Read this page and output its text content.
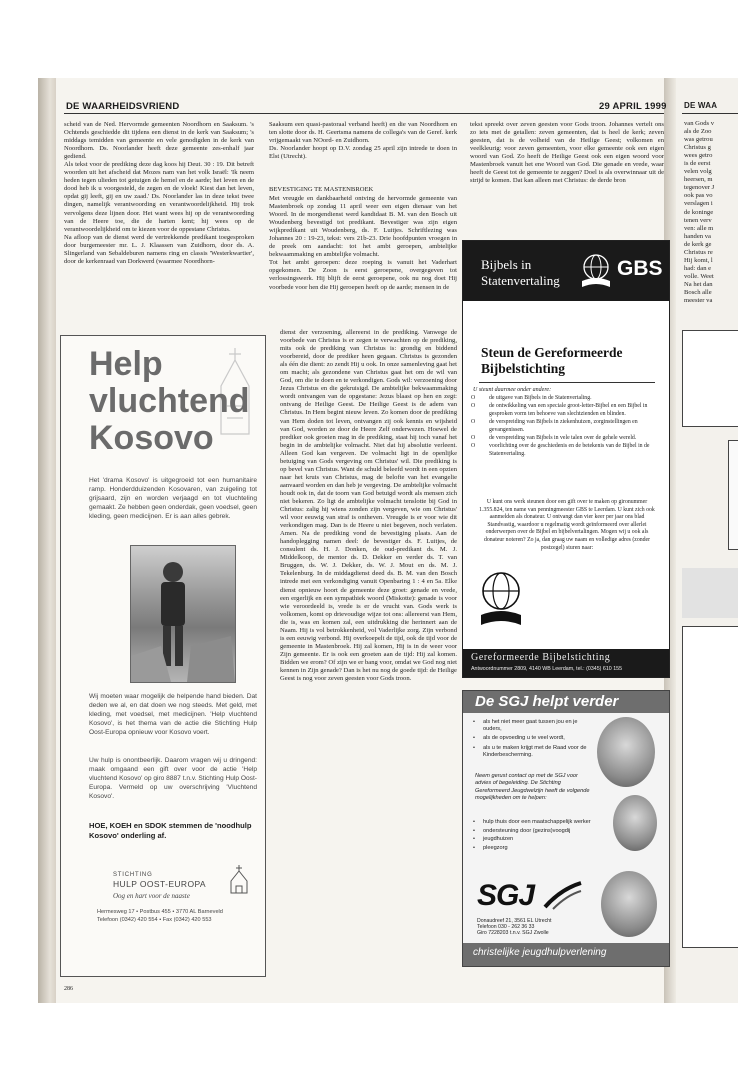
DE WAARHEIDSVRIEND	29 APRIL 1999

scheid van de Ned. Hervormde gemeenten Noordhorn en Saaksum. 's Ochtends geschiedde dit tijdens een dienst in de kerk van Saaksum; 's middags temidden van gemeente en vele genodigden in de kerk van Noordhorn. Ds. Noorlander heeft deze gemeente zes-enhalf jaar gediend.

Als tekst voor de prediking deze dag koos hij Deut. 30 : 19. Dit betreft woorden uit het afscheid dat Mozes nam van het volk Israël: 'Ik neem heden tegen ulieden tot getuigen de hemel en de aarde; het leven en de dood heb ik u voorgesteld, de zegen en de vloek! Kiest dan het leven, opdat gij leeft, gij en uw zaad.' Ds. Noorlander las in deze tekst twee dingen, namelijk verantwoording en verantwoordelijkheid. Hij trok vervolgens deze lijnen door. Het want wees hij op de verantwoording van de Heere toe, die de harten kent; hij wees op de verantwoordelijkheid om te kiezen voor de oppestane Christus.

Na afloop van de dienst werd de vertrekkende predikant toegesproken door burgemeester mr. L. J. Klaassen van Zuidhorn, door ds. A. Slingerland van Sebaldeburen namens ring en classis 'Westerkwartier', door de kerkenraad van Dorkwerd (waarmee Noordhorn-

Saaksum een quasi-pastoraal verband heeft) en die van Noordhorn en ten slotte door ds. H. Geertsma namens de collega's van de Geref. kerk vrijgemaakt van NOord- en Zuidhorn.

Ds. Noorlander hoopt op D.V. zondag 25 april zijn intrede te doen in Elst (Utrecht).

BEVESTIGING TE MASTENBROEK

Met vreugde en dankbaarheid ontving de hervormde gemeente van Mastenbroek op zondag 11 april weer een eigen dienaar van het Woord. In de morgendienst werd kandidaat B. M. van den Bosch uit Woudenberg bevestigd tot predikant. Bevestiger was zijn eigen wijkpredikant uit Woudenberg, ds. F. Luitjes. Schriftlezing was Johannes 20 : 19-23, tekst: vers 21b-23. Drie hoofdpunten vroegen in de preek om aandacht: tot het ambt geroepen, ambtelijke bekwaammaking en ambtelijke volmacht.

Tot het ambt geroepen: deze roeping is vanuit het Vaderhart opgekomen. De Zoon is eerst geroepene, overgegeven tot verlossingswerk. Hij blijft de eerst geroepene, ook nu nog doet Hij voorbede voor hen die Hij geroepen heeft op de aarde; mensen in de

dienst der verzoening, allereerst in de prediking. Vanwege de voorbede van Christus is er zegen te verwachten op de prediking, mits ook de prediking van Christus is: grondig en biddend voorbereid, door de prediker heen gegaan. Christus is gezonden als één die dient: zo zendt Hij u ook. In onze samenleving gaat het om macht; als gezondene van Christus gaat het om de wil van God, om die te doen en te verkondigen. Gods wil: verzoening door Jezus Christus en die gekruisigd. De ambtelijke bekwaammaking wordt ontvangen van de opgestane: Jezus blaast op hen en zegt: ontvang de Heilige Geest. De Heilige Geest is de adem van Christus. In Hem begint nieuw leven. Zo komen door de prediking van Hem doden tot leven, ontvangen zij ook kennis en wijsheid van God, worden ze door de Heere Zelf onderwezen. Hoewel de prediker ook groeien mag in de prediking, staat hij toch vanaf het begin in de ambtelijke volmacht. Niet dat hij absolutie verleent. Alleen God kan vergeven. De volmacht ligt in de openlijke betuiging van Gods vergeving om Christus' wil. Die prediking is op bevel van Christus. Want de schuld beleefd wordt in een opzien naar het kruis van Christus, mag de belofte van het evangelie aanvaard worden en dan heb je vergeving. De ambtelijke volmacht houdt ook in, dat de toorn van God betuigd wordt als mensen zich niet bekeren. Zo ligt de ambtelijke volmacht tenslotte bij God in Christus: zalig hij wiens zonden zijn vergeven, wie om Christus' wil voor eeuwig van straf is ontheven. Vreugde is er voor wie dit verkondigen mag. Dan is de Heere u niet begeven, noch verlaten. Amen. Na de prediking vond de bevestiging plaats. Aan de handoplegging namen deel: de bevestiger ds. F. Luitjes, de consulent ds. H. J. Donken, de oud-predikant ds. M. J. Middelkoop, de mentor ds. D. Dekker en verder ds. T. van Bruggen, ds. W. J. Dekker, ds. W. J. Mout en ds. M. J. Tekelenburg. In de middagdienst deed ds. B. M. van den Bosch intrede met een verkondiging vanuit Openbaring 1 : 4 en 5a. Elke dienst opnieuw hoort de gemeente deze groet: genade en vrede, een ergerlijk en een sympathiek woord (Miskotte): genade is voor wie veroordeeld is, vrede is er de vrucht van. Gods werk is volkomen, komt op drievoudige wijze tot ons: allereerst van Hem, die is, was en komen zal, een uitdrukking die herinnert aan de Naam. Hij is vol betrokkenheid, vol Vaderlijke zorg. Zijn verbond is een eeuwig verbond. Hij overkoepelt de tijd, ook de tijd voor de gemeente in Mastenbroek. Hij zal komen, Hij is in de weer voor Zijn gemeente. Er is ook een groeten aan de tijd: Hij zal komen. Bidden we erom? Of zijn we er bang voor, omdat we God nog niet kennen in Zijn genade? Dan is het nu nog de goede tijd: de Heilige Geest is nog voor zeven geesten voor Gods troon.

tekst spreekt over zeven geesten voor Gods troon. Johannes vertelt ons zo iets met de getallen: zeven gemeenten, dat is heel de kerk; zeven geesten, dat is de volheid van de Heilige Geest; volkomen en veelkleurig: voor zeven gemeenten, voor elke gemeente ook een eigen woord van God. Zo heeft de Heilige Geest ook een eigen woord voor Mastenbroek vanuit het ene Woord van God. Die genade en vrede, waar heeft de Geest tot de gemeente te zeggen? Doel is als overwinnaar uit de strijd te komen. Dat kan alleen met Christus: de derde bron

Help
vluchtend
Kosovo
Het 'drama Kosovo' is uitgegroeid tot een humanitaire ramp. Honderdduizenden Kosovaren, van zuigeling tot grijsaard, zijn en worden verjaagd en tot vluchteling gemaakt. Ze hebben geen onderdak, geen voedsel, geen kleding, geen medicijnen. Er is aan alles gebrek.
Wij moeten waar mogelijk de helpende hand bieden. Dat deden we al, en dat doen we nog steeds. Met geld, met kleding, met voedsel, met medicijnen. 'Help vluchtend Kosovo', is het thema van de actie die Stichting Hulp Oost-Europa opnieuw voor Kosovo voert.
Uw hulp is onontbeerlijk. Daarom vragen wij u dringend: maak omgaand een gift over voor de actie 'Help vluchtend Kosovo' op giro 8887 t.n.v. Stichting Hulp Oost-Europa. Vermeld op uw overschrijving 'Vluchtend Kosovo'.
HOE, KOEH en SDOK stemmen de 'noodhulp Kosovo' onderling af.
STICHTING
HULP OOST-EUROPA
Oog en hart voor de naaste
Hermesweg 17 • Postbus 455 • 3770 AL Barneveld
Telefoon (0342) 420 554 • Fax (0342) 420 553
Bijbels in
Statenvertaling
GBS
Steun de Gereformeerde
Bijbelstichting
U steunt daarmee onder andere:
O	de uitgave van Bijbels in de Statenvertaling.
O	de ontwikkeling van een speciale groot-letter-Bijbel en een Bijbel in gesproken vorm ten behoeve van slechtzienden en blinden.
O	de verspreiding van Bijbels in ziekenhuizen, zorginstellingen en gevangenissen.
O	de verspreiding van Bijbels in vele talen over de gehele wereld.
O	voorlichting over de geschiedenis en de betekenis van de Bijbel in de Statenvertaling.
U kunt ons werk steunen door een gift over te maken op gironummer 1.355.824, ten name van penningmeester GBS te Leerdam. U kunt zich ook aanmelden als donateur. U ontvangt dan vier keer per jaar ons blad Standvastig, waardoor u regelmatig wordt geïnformeerd over allerlei onderwerpen over de Bijbel en bijbelvertalingen. Mogen wij u ook als donateur noteren? Zo ja, dan graag uw naam en volledige adres (zonder postzegel) sturen naar:
Gereformeerde Bijbelstichting
Antwoordnummer 2809, 4140 WB Leerdam, tel.: (0345) 610 155
De SGJ helpt verder
•	als het niet meer gaat tussen jou en je ouders,
•	als de opvoeding u te veel wordt,
•	als u te maken krijgt met de Raad voor de Kinderbescherming.
Neem gerust contact op met de SGJ voor advies of begeleiding. De Stichting Gereformeerd Jeugdwelzijn heeft de volgende mogelijkheden om te helpen:
•	hulp thuis door een maatschappelijk werker
•	ondersteuning door (gezins)voogdij
•	jeugdhuizen
•	pleegzorg
SGJ
Donaudreef 21, 3561 EL Utrecht
Telefoon 030 - 262 36 33
Giro 7228203 t.n.v. SGJ Zwolle
christelijke jeugdhulpverlening
286
DE WAA
van Gods v
als de Zoo
was getrou
Christus g
wees getro
is de eerst
velen volg
heersen, m
tegenover J
ook pas vo
verslagen i
de koninge
tenen verv
ven: alle m
handen va
de kerk ge
Christus re
Hij komt, l
had: dan e
volle. Weet
Na het dan
Bosch alle
meester va
